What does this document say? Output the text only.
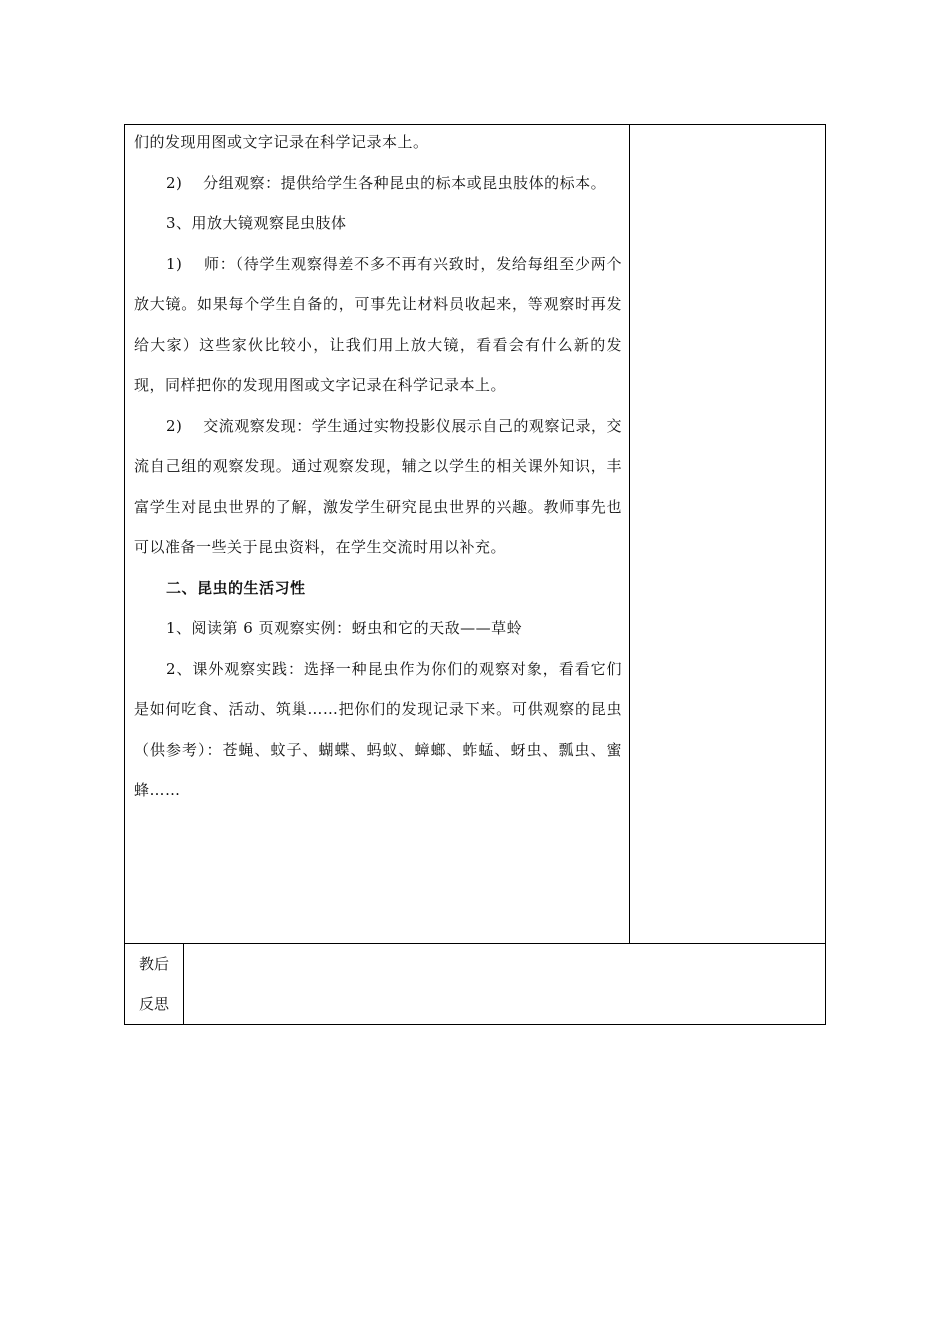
们的发现用图或文字记录在科学记录本上。

2)　 分组观察：提供给学生各种昆虫的标本或昆虫肢体的标本。

3、用放大镜观察昆虫肢体

1)　 师：（待学生观察得差不多不再有兴致时，发给每组至少两个放大镜。如果每个学生自备的，可事先让材料员收起来，等观察时再发给大家）这些家伙比较小，让我们用上放大镜，看看会有什么新的发现，同样把你的发现用图或文字记录在科学记录本上。

2)　 交流观察发现：学生通过实物投影仪展示自己的观察记录，交流自己组的观察发现。通过观察发现，辅之以学生的相关课外知识，丰富学生对昆虫世界的了解，激发学生研究昆虫世界的兴趣。教师事先也可以准备一些关于昆虫资料，在学生交流时用以补充。

二、昆虫的生活习性

1、阅读第 6 页观察实例：蚜虫和它的天敌——草蛉

2、课外观察实践：选择一种昆虫作为你们的观察对象，看看它们是如何吃食、活动、筑巢……把你们的发现记录下来。可供观察的昆虫（供参考）：苍蝇、蚊子、蝴蝶、蚂蚁、蟑螂、蚱蜢、蚜虫、瓢虫、蜜蜂……

教后
反思
